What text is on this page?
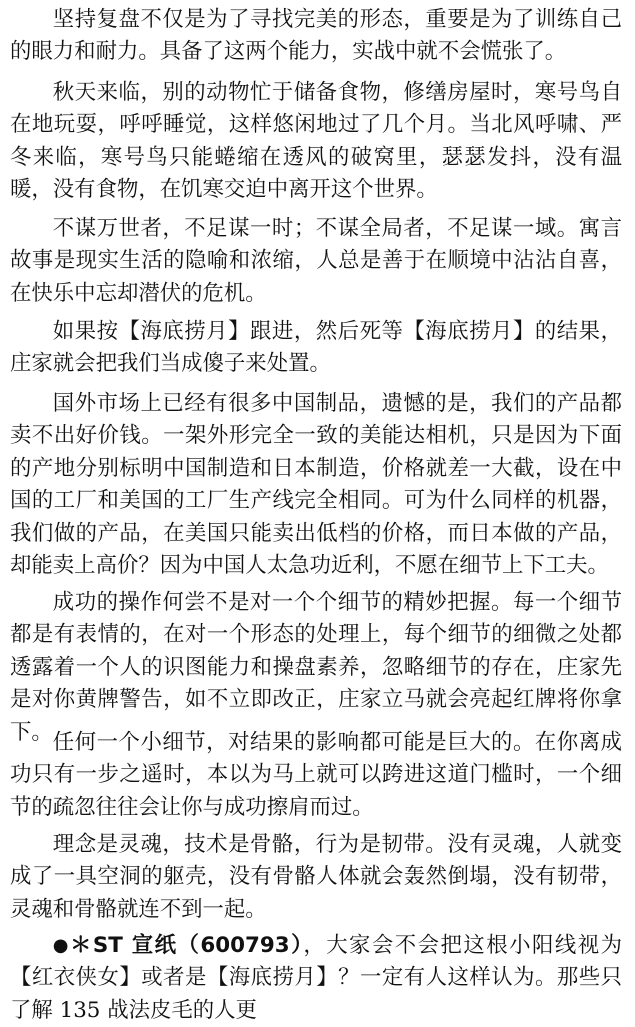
坚持复盘不仅是为了寻找完美的形态，重要是为了训练自己的眼力和耐力。具备了这两个能力，实战中就不会慌张了。

秋天来临，别的动物忙于储备食物，修缮房屋时，寒号鸟自在地玩耍，呼呼睡觉，这样悠闲地过了几个月。当北风呼啸、严冬来临，寒号鸟只能蜷缩在透风的破窝里，瑟瑟发抖，没有温暖，没有食物，在饥寒交迫中离开这个世界。

不谋万世者，不足谋一时；不谋全局者，不足谋一域。寓言故事是现实生活的隐喻和浓缩，人总是善于在顺境中沾沾自喜，在快乐中忘却潜伏的危机。

如果按【海底捞月】跟进，然后死等【海底捞月】的结果，庄家就会把我们当成傻子来处置。

国外市场上已经有很多中国制品，遗憾的是，我们的产品都卖不出好价钱。一架外形完全一致的美能达相机，只是因为下面的产地分别标明中国制造和日本制造，价格就差一大截，设在中国的工厂和美国的工厂生产线完全相同。可为什么同样的机器，我们做的产品，在美国只能卖出低档的价格，而日本做的产品，却能卖上高价？因为中国人太急功近利，不愿在细节上下工夫。

成功的操作何尝不是对一个个细节的精妙把握。每一个细节都是有表情的，在对一个形态的处理上，每个细节的细微之处都透露着一个人的识图能力和操盘素养，忽略细节的存在，庄家先是对你黄牌警告，如不立即改正，庄家立马就会亮起红牌将你拿下。 任何一个小细节，对结果的影响都可能是巨大的。在你离成功只有一步之遥时，本以为马上就可以跨进这道门槛时，一个细节的疏忽往往会让你与成功擦肩而过。

理念是灵魂，技术是骨骼，行为是韧带。没有灵魂，人就变成了一具空洞的躯壳，没有骨骼人体就会轰然倒塌，没有韧带，灵魂和骨骼就连不到一起。

●＊ST 宣纸（600793），大家会不会把这根小阳线视为【红衣侠女】或者是【海底捞月】？一定有人这样认为。那些只了解 135 战法皮毛的人更
